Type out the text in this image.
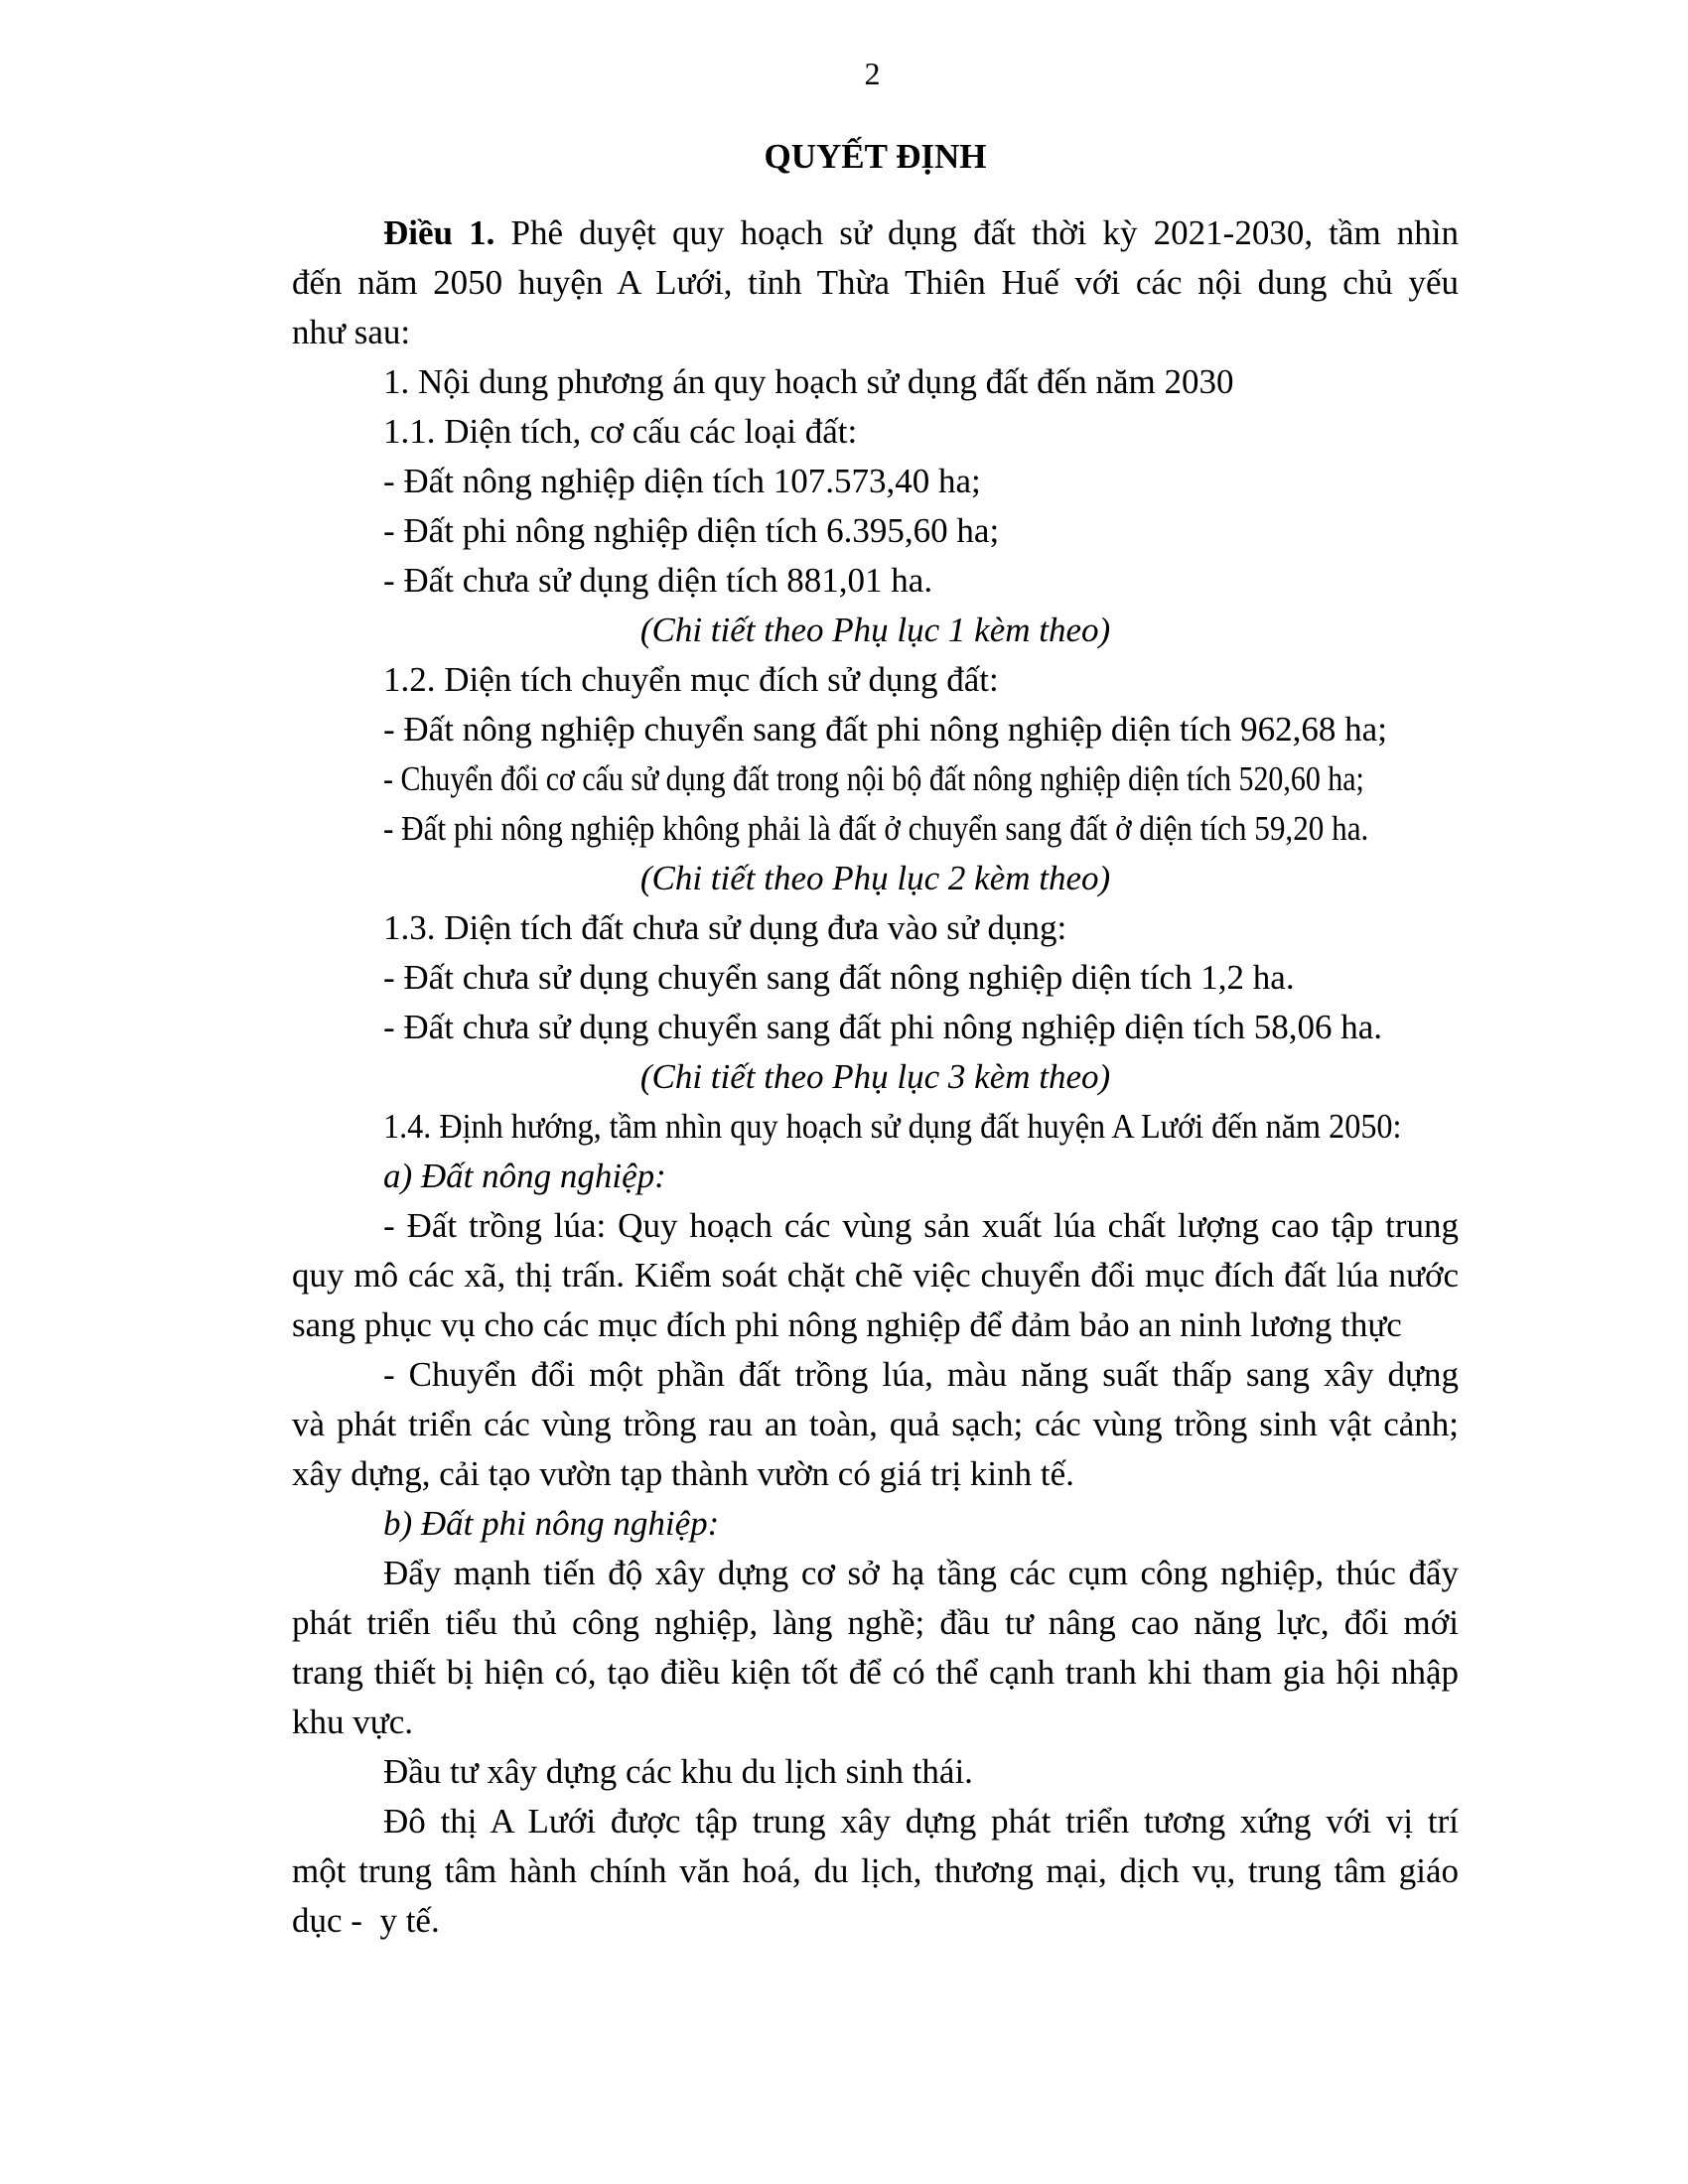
2
QUYẾT ĐỊNH
Điều 1. Phê duyệt quy hoạch sử dụng đất thời kỳ 2021-2030, tầm nhìn
đến năm 2050 huyện A Lưới, tỉnh Thừa Thiên Huế với các nội dung chủ yếu
như sau:
1. Nội dung phương án quy hoạch sử dụng đất đến năm 2030
1.1. Diện tích, cơ cấu các loại đất:
- Đất nông nghiệp diện tích 107.573,40 ha;
- Đất phi nông nghiệp diện tích 6.395,60 ha;
- Đất chưa sử dụng diện tích 881,01 ha.
(Chi tiết theo Phụ lục 1 kèm theo)
1.2. Diện tích chuyển mục đích sử dụng đất:
- Đất nông nghiệp chuyển sang đất phi nông nghiệp diện tích 962,68 ha;
- Chuyển đổi cơ cấu sử dụng đất trong nội bộ đất nông nghiệp diện tích 520,60 ha;
- Đất phi nông nghiệp không phải là đất ở chuyển sang đất ở diện tích 59,20 ha.
(Chi tiết theo Phụ lục 2 kèm theo)
1.3. Diện tích đất chưa sử dụng đưa vào sử dụng:
- Đất chưa sử dụng chuyển sang đất nông nghiệp diện tích 1,2 ha.
- Đất chưa sử dụng chuyển sang đất phi nông nghiệp diện tích 58,06 ha.
(Chi tiết theo Phụ lục 3 kèm theo)
1.4. Định hướng, tầm nhìn quy hoạch sử dụng đất huyện A Lưới đến năm 2050:
a) Đất nông nghiệp:
- Đất trồng lúa: Quy hoạch các vùng sản xuất lúa chất lượng cao tập trung
quy mô các xã, thị trấn. Kiểm soát chặt chẽ việc chuyển đổi mục đích đất lúa nước
sang phục vụ cho các mục đích phi nông nghiệp để đảm bảo an ninh lương thực
- Chuyển đổi một phần đất trồng lúa, màu năng suất thấp sang xây dựng
và phát triển các vùng trồng rau an toàn, quả sạch; các vùng trồng sinh vật cảnh;
xây dựng, cải tạo vườn tạp thành vườn có giá trị kinh tế.
b) Đất phi nông nghiệp:
Đẩy mạnh tiến độ xây dựng cơ sở hạ tầng các cụm công nghiệp, thúc đẩy
phát triển tiểu thủ công nghiệp, làng nghề; đầu tư nâng cao năng lực, đổi mới
trang thiết bị hiện có, tạo điều kiện tốt để có thể cạnh tranh khi tham gia hội nhập
khu vực.
Đầu tư xây dựng các khu du lịch sinh thái.
Đô thị A Lưới được tập trung xây dựng phát triển tương xứng với vị trí
một trung tâm hành chính văn hoá, du lịch, thương mại, dịch vụ, trung tâm giáo
dục -  y tế.
